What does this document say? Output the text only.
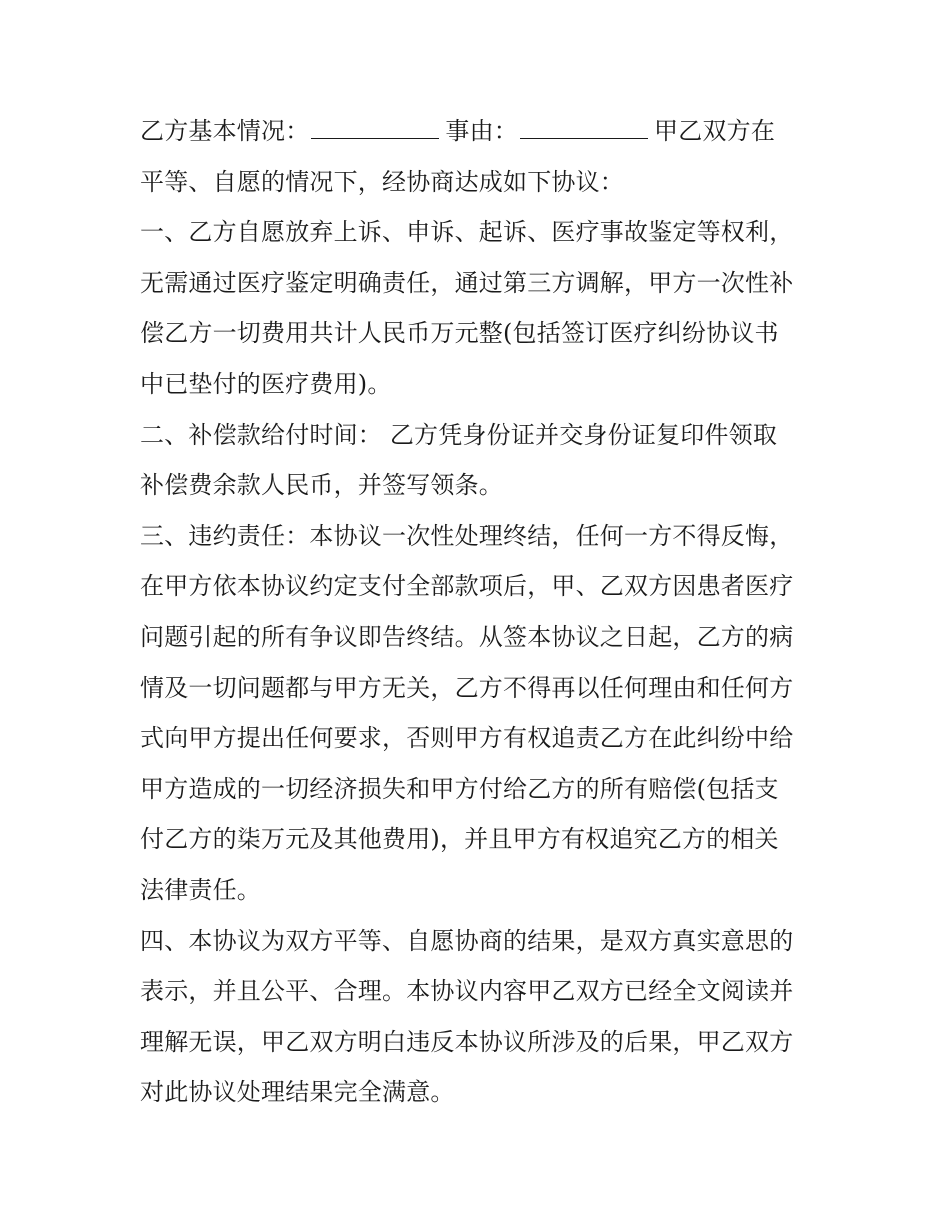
乙方基本情况：	事由：	甲乙双方在
平等、自愿的情况下，经协商达成如下协议：
一、乙方自愿放弃上诉、申诉、起诉、医疗事故鉴定等权利，
无需通过医疗鉴定明确责任，通过第三方调解，甲方一次性补
偿乙方一切费用共计人民币万元整(包括签订医疗纠纷协议书
中已垫付的医疗费用)。
二、补偿款给付时间： 乙方凭身份证并交身份证复印件领取
补偿费余款人民币，并签写领条。
三、违约责任：本协议一次性处理终结，任何一方不得反悔，
在甲方依本协议约定支付全部款项后，甲、乙双方因患者医疗
问题引起的所有争议即告终结。从签本协议之日起，乙方的病
情及一切问题都与甲方无关，乙方不得再以任何理由和任何方
式向甲方提出任何要求，否则甲方有权追责乙方在此纠纷中给
甲方造成的一切经济损失和甲方付给乙方的所有赔偿(包括支
付乙方的柒万元及其他费用)，并且甲方有权追究乙方的相关
法律责任。
四、本协议为双方平等、自愿协商的结果，是双方真实意思的
表示，并且公平、合理。本协议内容甲乙双方已经全文阅读并
理解无误，甲乙双方明白违反本协议所涉及的后果，甲乙双方
对此协议处理结果完全满意。
